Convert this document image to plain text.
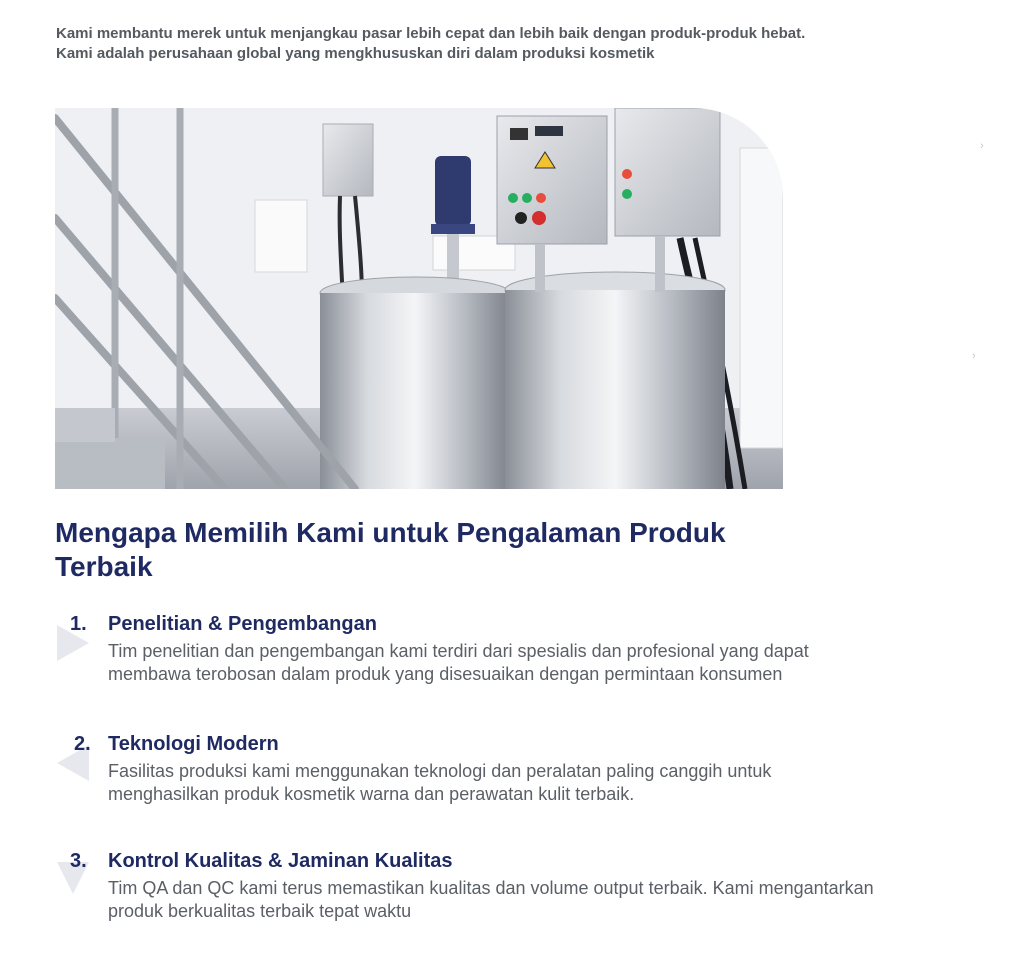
Kami membantu merek untuk menjangkau pasar lebih cepat dan lebih baik dengan produk-produk hebat. Kami adalah perusahaan global yang mengkhususkan diri dalam produksi kosmetik

›
›
Mengapa Memilih Kami untuk Pengalaman Produk Terbaik
1. Penelitian & Pengembangan

Tim penelitian dan pengembangan kami terdiri dari spesialis dan profesional yang dapat membawa terobosan dalam produk yang disesuaikan dengan permintaan konsumen

2. Teknologi Modern

Fasilitas produksi kami menggunakan teknologi dan peralatan paling canggih untuk menghasilkan produk kosmetik warna dan perawatan kulit terbaik.

3. Kontrol Kualitas & Jaminan Kualitas

Tim QA dan QC kami terus memastikan kualitas dan volume output terbaik. Kami mengantarkan produk berkualitas terbaik tepat waktu
